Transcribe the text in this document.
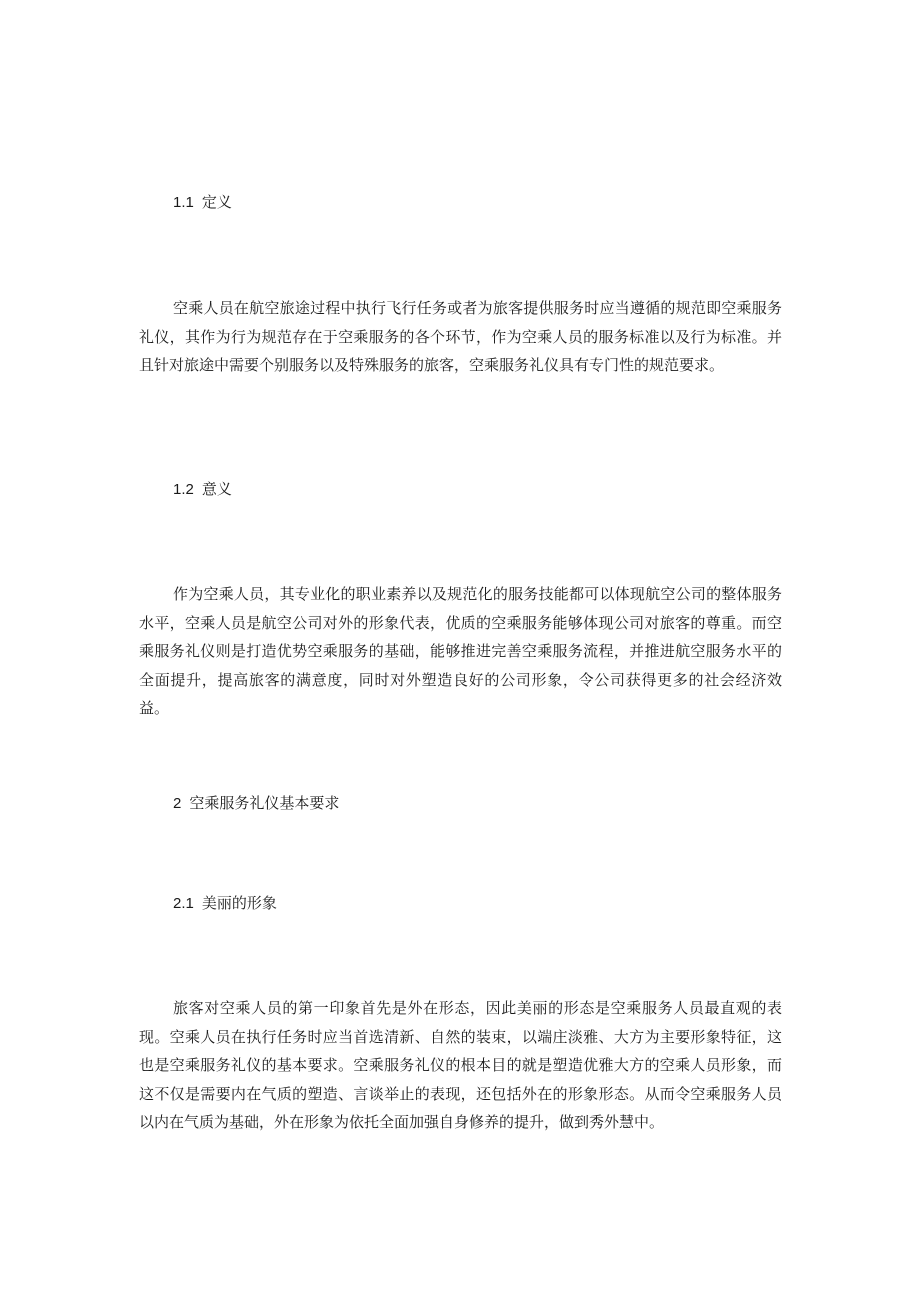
1.1 定义

空乘人员在航空旅途过程中执行飞行任务或者为旅客提供服务时应当遵循的规范即空乘服务礼仪，其作为行为规范存在于空乘服务的各个环节，作为空乘人员的服务标准以及行为标准。并且针对旅途中需要个别服务以及特殊服务的旅客，空乘服务礼仪具有专门性的规范要求。

1.2 意义

作为空乘人员，其专业化的职业素养以及规范化的服务技能都可以体现航空公司的整体服务水平，空乘人员是航空公司对外的形象代表，优质的空乘服务能够体现公司对旅客的尊重。而空乘服务礼仪则是打造优势空乘服务的基础，能够推进完善空乘服务流程，并推进航空服务水平的全面提升，提高旅客的满意度，同时对外塑造良好的公司形象，令公司获得更多的社会经济效益。

2 空乘服务礼仪基本要求
2.1 美丽的形象

旅客对空乘人员的第一印象首先是外在形态，因此美丽的形态是空乘服务人员最直观的表现。空乘人员在执行任务时应当首选清新、自然的装束，以端庄淡雅、大方为主要形象特征，这也是空乘服务礼仪的基本要求。空乘服务礼仪的根本目的就是塑造优雅大方的空乘人员形象，而这不仅是需要内在气质的塑造、言谈举止的表现，还包括外在的形象形态。从而令空乘服务人员以内在气质为基础，外在形象为依托全面加强自身修养的提升，做到秀外慧中。
